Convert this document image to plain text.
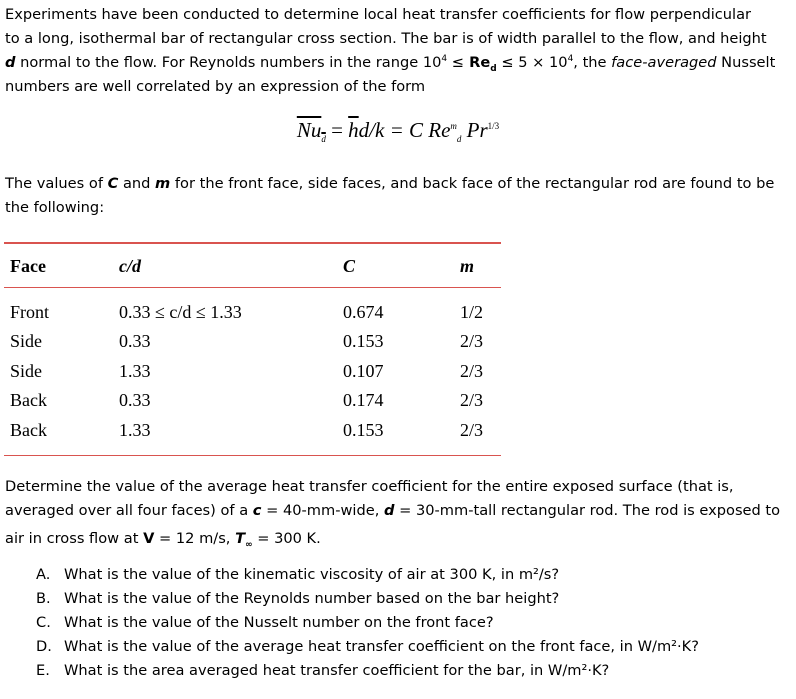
Experiments have been conducted to determine local heat transfer coefficients for flow perpendicular
to a long, isothermal bar of rectangular cross section. The bar is of width parallel to the flow, and height
d normal to the flow. For Reynolds numbers in the range $10^4 \le Re_d \le 5 \times 10^4$, the face-averaged Nusselt
numbers are well correlated by an expression of the form
$Nu_d = \overline{h}d/k = C$ $Re^m_d$ $Pr^{1/3}$
The values of C and m for the front face, side faces, and back face of the rectangular rod are found to be
the following:
Face	c/d	C	m
Front	0.33 ≤ c/d ≤ 1.33	0.674	1/2
Side	0.33	0.153	2/3
Side	1.33	0.107	2/3
Back	0.33	0.174	2/3
Back	1.33	0.153	2/3
Determine the value of the average heat transfer coefficient for the entire exposed surface (that is,
averaged over all four faces) of a c = 40-mm-wide, d = 30-mm-tall rectangular rod. The rod is exposed to
air in cross flow at V = 12 m/s, $T_\infty = 300$ K.
A. What is the value of the kinematic viscosity of air at 300 K, in m²/s?
B. What is the value of the Reynolds number based on the bar height?
C. What is the value of the Nusselt number on the front face?
D. What is the value of the average heat transfer coefficient on the front face, in W/m²·K?
E. What is the area averaged heat transfer coefficient for the bar, in W/m²·K?
